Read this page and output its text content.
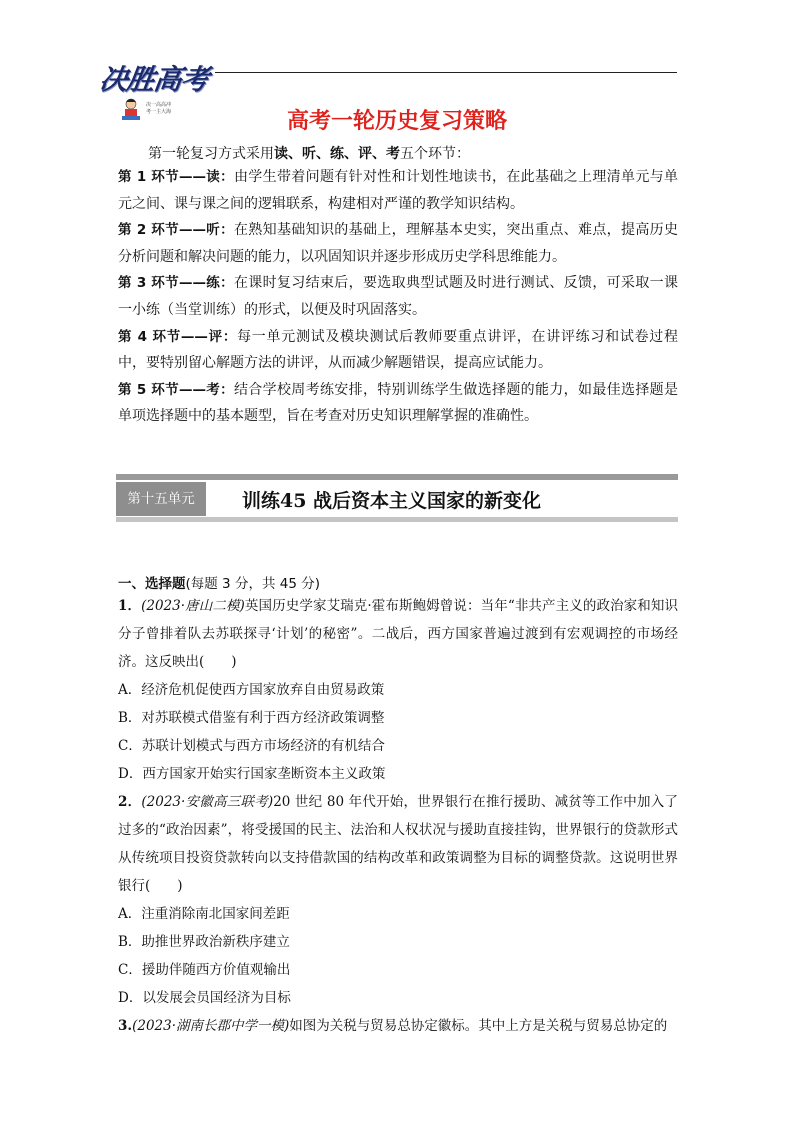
决胜高考
决一高高冲
考一主大海	高考一轮历史复习策略
第一轮复习方式采用读、听、练、评、考五个环节：
第 1 环节——读：由学生带着问题有针对性和计划性地读书，在此基础之上理清单元与单元之间、课与课之间的逻辑联系，构建相对严谨的教学知识结构。
第 2 环节——听：在熟知基础知识的基础上，理解基本史实，突出重点、难点，提高历史分析问题和解决问题的能力，以巩固知识并逐步形成历史学科思维能力。
第 3 环节——练：在课时复习结束后，要选取典型试题及时进行测试、反馈，可采取一课一小练（当堂训练）的形式，以便及时巩固落实。
第 4 环节——评：每一单元测试及模块测试后教师要重点讲评，在讲评练习和试卷过程中，要特别留心解题方法的讲评，从而减少解题错误，提高应试能力。
第 5 环节——考：结合学校周考练安排，特别训练学生做选择题的能力，如最佳选择题是单项选择题中的基本题型，旨在考查对历史知识理解掌握的准确性。
第十五单元	训练45 战后资本主义国家的新变化
一、选择题(每题 3 分，共 45 分)
1．(2023·唐山二模)英国历史学家艾瑞克·霍布斯鲍姆曾说：当年“非共产主义的政治家和知识分子曾排着队去苏联探寻‘计划’的秘密”。二战后，西方国家普遍过渡到有宏观调控的市场经济。这反映出(　　)
A．经济危机促使西方国家放弃自由贸易政策
B．对苏联模式借鉴有利于西方经济政策调整
C．苏联计划模式与西方市场经济的有机结合
D．西方国家开始实行国家垄断资本主义政策
2．(2023·安徽高三联考)20 世纪 80 年代开始，世界银行在推行援助、减贫等工作中加入了过多的“政治因素”，将受援国的民主、法治和人权状况与援助直接挂钩，世界银行的贷款形式从传统项目投资贷款转向以支持借款国的结构改革和政策调整为目标的调整贷款。这说明世界银行(　　)
A．注重消除南北国家间差距
B．助推世界政治新秩序建立
C．援助伴随西方价值观输出
D．以发展会员国经济为目标
3.(2023·湖南长郡中学一模)如图为关税与贸易总协定徽标。其中上方是关税与贸易总协定的
